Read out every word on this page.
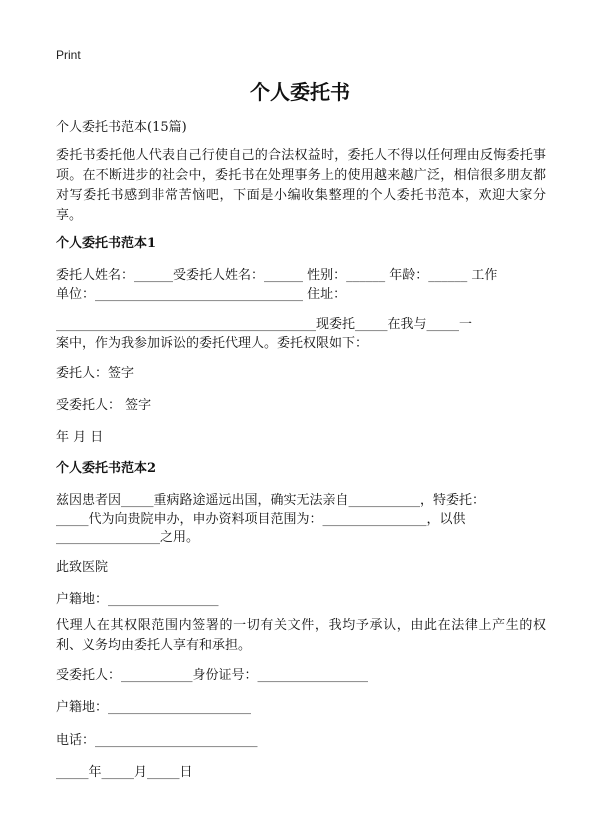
Print
个人委托书
个人委托书范本(15篇)
委托书委托他人代表自己行使自己的合法权益时，委托人不得以任何理由反悔委托事项。在不断进步的社会中，委托书在处理事务上的使用越来越广泛，相信很多朋友都对写委托书感到非常苦恼吧，下面是小编收集整理的个人委托书范本，欢迎大家分享。
个人委托书范本1
委托人姓名：______受委托人姓名：______ 性别：______ 年龄：______ 工作
单位：________________________________ 住址：
________________________________________现委托_____在我与_____一
案中，作为我参加诉讼的委托代理人。委托权限如下：
委托人：签字
受委托人： 签字
年 月 日
个人委托书范本2
兹因患者因_____重病路途遥远出国，确实无法亲自___________，特委托：
_____代为向贵院申办，申办资料项目范围为：________________，以供
________________之用。
此致医院
户籍地：_________________
代理人在其权限范围内签署的一切有关文件，我均予承认，由此在法律上产生的权利、义务均由委托人享有和承担。
受委托人：___________身份证号：_________________
户籍地：______________________
电话：_________________________
_____年_____月_____日
